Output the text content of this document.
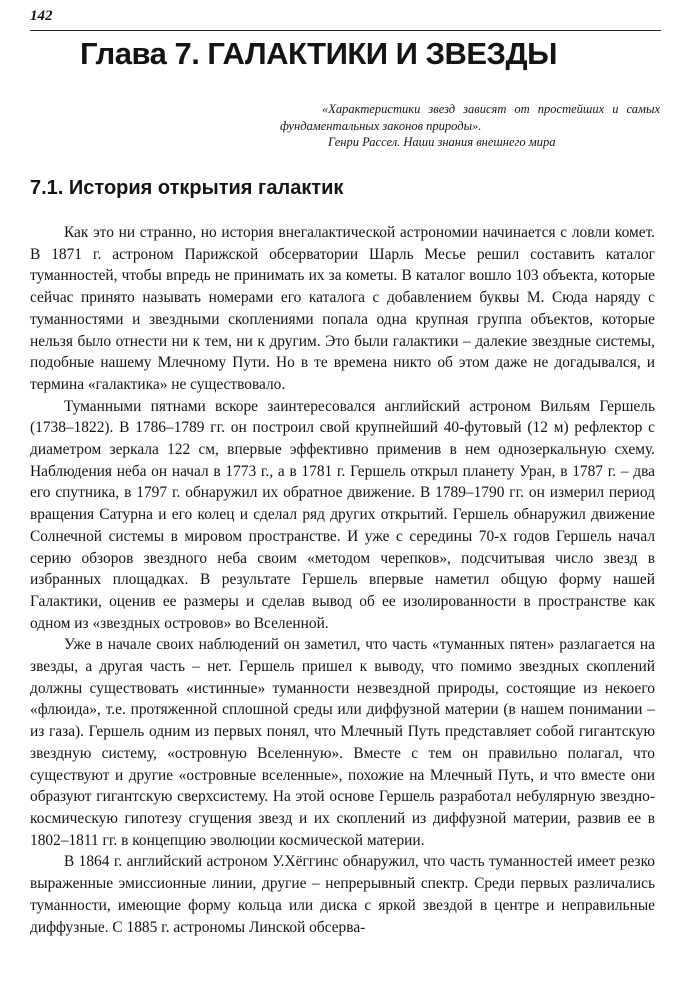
142
Глава 7. ГАЛАКТИКИ И ЗВЕЗДЫ
«Характеристики звезд зависят от простейших и самых фундаментальных законов природы».
Генри Рассел. Наши знания внешнего мира
7.1. История открытия галактик

Как это ни странно, но история внегалактической астрономии начинается с ловли комет. В 1871 г. астроном Парижской обсерватории Шарль Месье решил составить каталог туманностей, чтобы впредь не принимать их за кометы. В каталог вошло 103 объекта, которые сейчас принято называть номерами его каталога с добавлением буквы М. Сюда наряду с туманностями и звездными скоплениями попала одна крупная группа объектов, которые нельзя было отнести ни к тем, ни к другим. Это были галактики – далекие звездные системы, подобные нашему Млечному Пути. Но в те времена никто об этом даже не догадывался, и термина «галактика» не существовало.

Туманными пятнами вскоре заинтересовался английский астроном Вильям Гершель (1738–1822). В 1786–1789 гг. он построил свой крупнейший 40-футовый (12 м) рефлектор с диаметром зеркала 122 см, впервые эффективно применив в нем однозеркальную схему. Наблюдения неба он начал в 1773 г., а в 1781 г. Гершель открыл планету Уран, в 1787 г. – два его спутника, в 1797 г. обнаружил их обратное движение. В 1789–1790 гг. он измерил период вращения Сатурна и его колец и сделал ряд других открытий. Гершель обнаружил движение Солнечной системы в мировом пространстве. И уже с середины 70-х годов Гершель начал серию обзоров звездного неба своим «методом черепков», подсчитывая число звезд в избранных площадках. В результате Гершель впервые наметил общую форму нашей Галактики, оценив ее размеры и сделав вывод об ее изолированности в пространстве как одном из «звездных островов» во Вселенной.

Уже в начале своих наблюдений он заметил, что часть «туманных пятен» разлагается на звезды, а другая часть – нет. Гершель пришел к выводу, что помимо звездных скоплений должны существовать «истинные» туманности незвездной природы, состоящие из некоего «флюида», т.е. протяженной сплошной среды или диффузной материи (в нашем понимании – из газа). Гершель одним из первых понял, что Млечный Путь представляет собой гигантскую звездную систему, «островную Вселенную». Вместе с тем он правильно полагал, что существуют и другие «островные вселенные», похожие на Млечный Путь, и что вместе они образуют гигантскую сверхсистему. На этой основе Гершель разработал небулярную звездно-космическую гипотезу сгущения звезд и их скоплений из диффузной материи, развив ее в 1802–1811 гг. в концепцию эволюции космической материи.

В 1864 г. английский астроном У.Хёггинс обнаружил, что часть туманностей имеет резко выраженные эмиссионные линии, другие – непрерывный спектр. Среди первых различались туманности, имеющие форму кольца или диска с яркой звездой в центре и неправильные диффузные. С 1885 г. астрономы Линской обсерва-
